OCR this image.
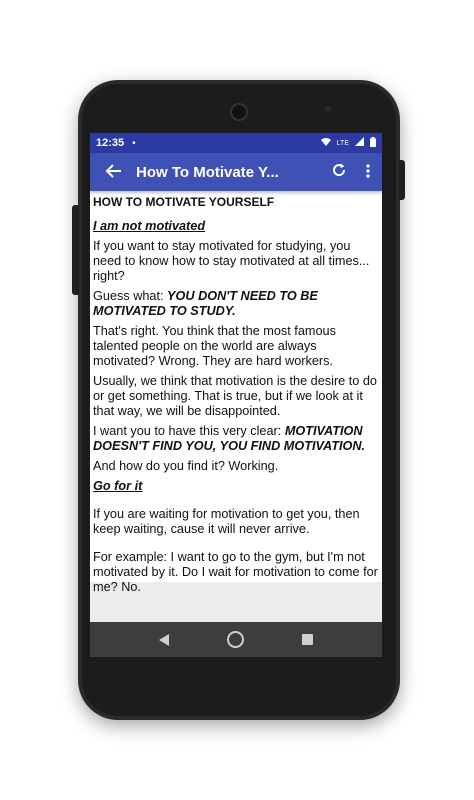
12:35 •	LTE
How To Motivate Y...

HOW TO MOTIVATE YOURSELF

I am not motivated

If you want to stay motivated for studying, you need to know how to stay motivated at all times... right?

Guess what: YOU DON'T NEED TO BE MOTIVATED TO STUDY.

That's right. You think that the most famous talented people on the world are always motivated? Wrong. They are hard workers.

Usually, we think that motivation is the desire to do or get something. That is true, but if we look at it that way, we will be disappointed.

I want you to have this very clear: MOTIVATION DOESN'T FIND YOU, YOU FIND MOTIVATION.

And how do you find it? Working.

Go for it

If you are waiting for motivation to get you, then keep waiting, cause it will never arrive.

For example: I want to go to the gym, but I'm not motivated by it. Do I wait for motivation to come for me? No.
